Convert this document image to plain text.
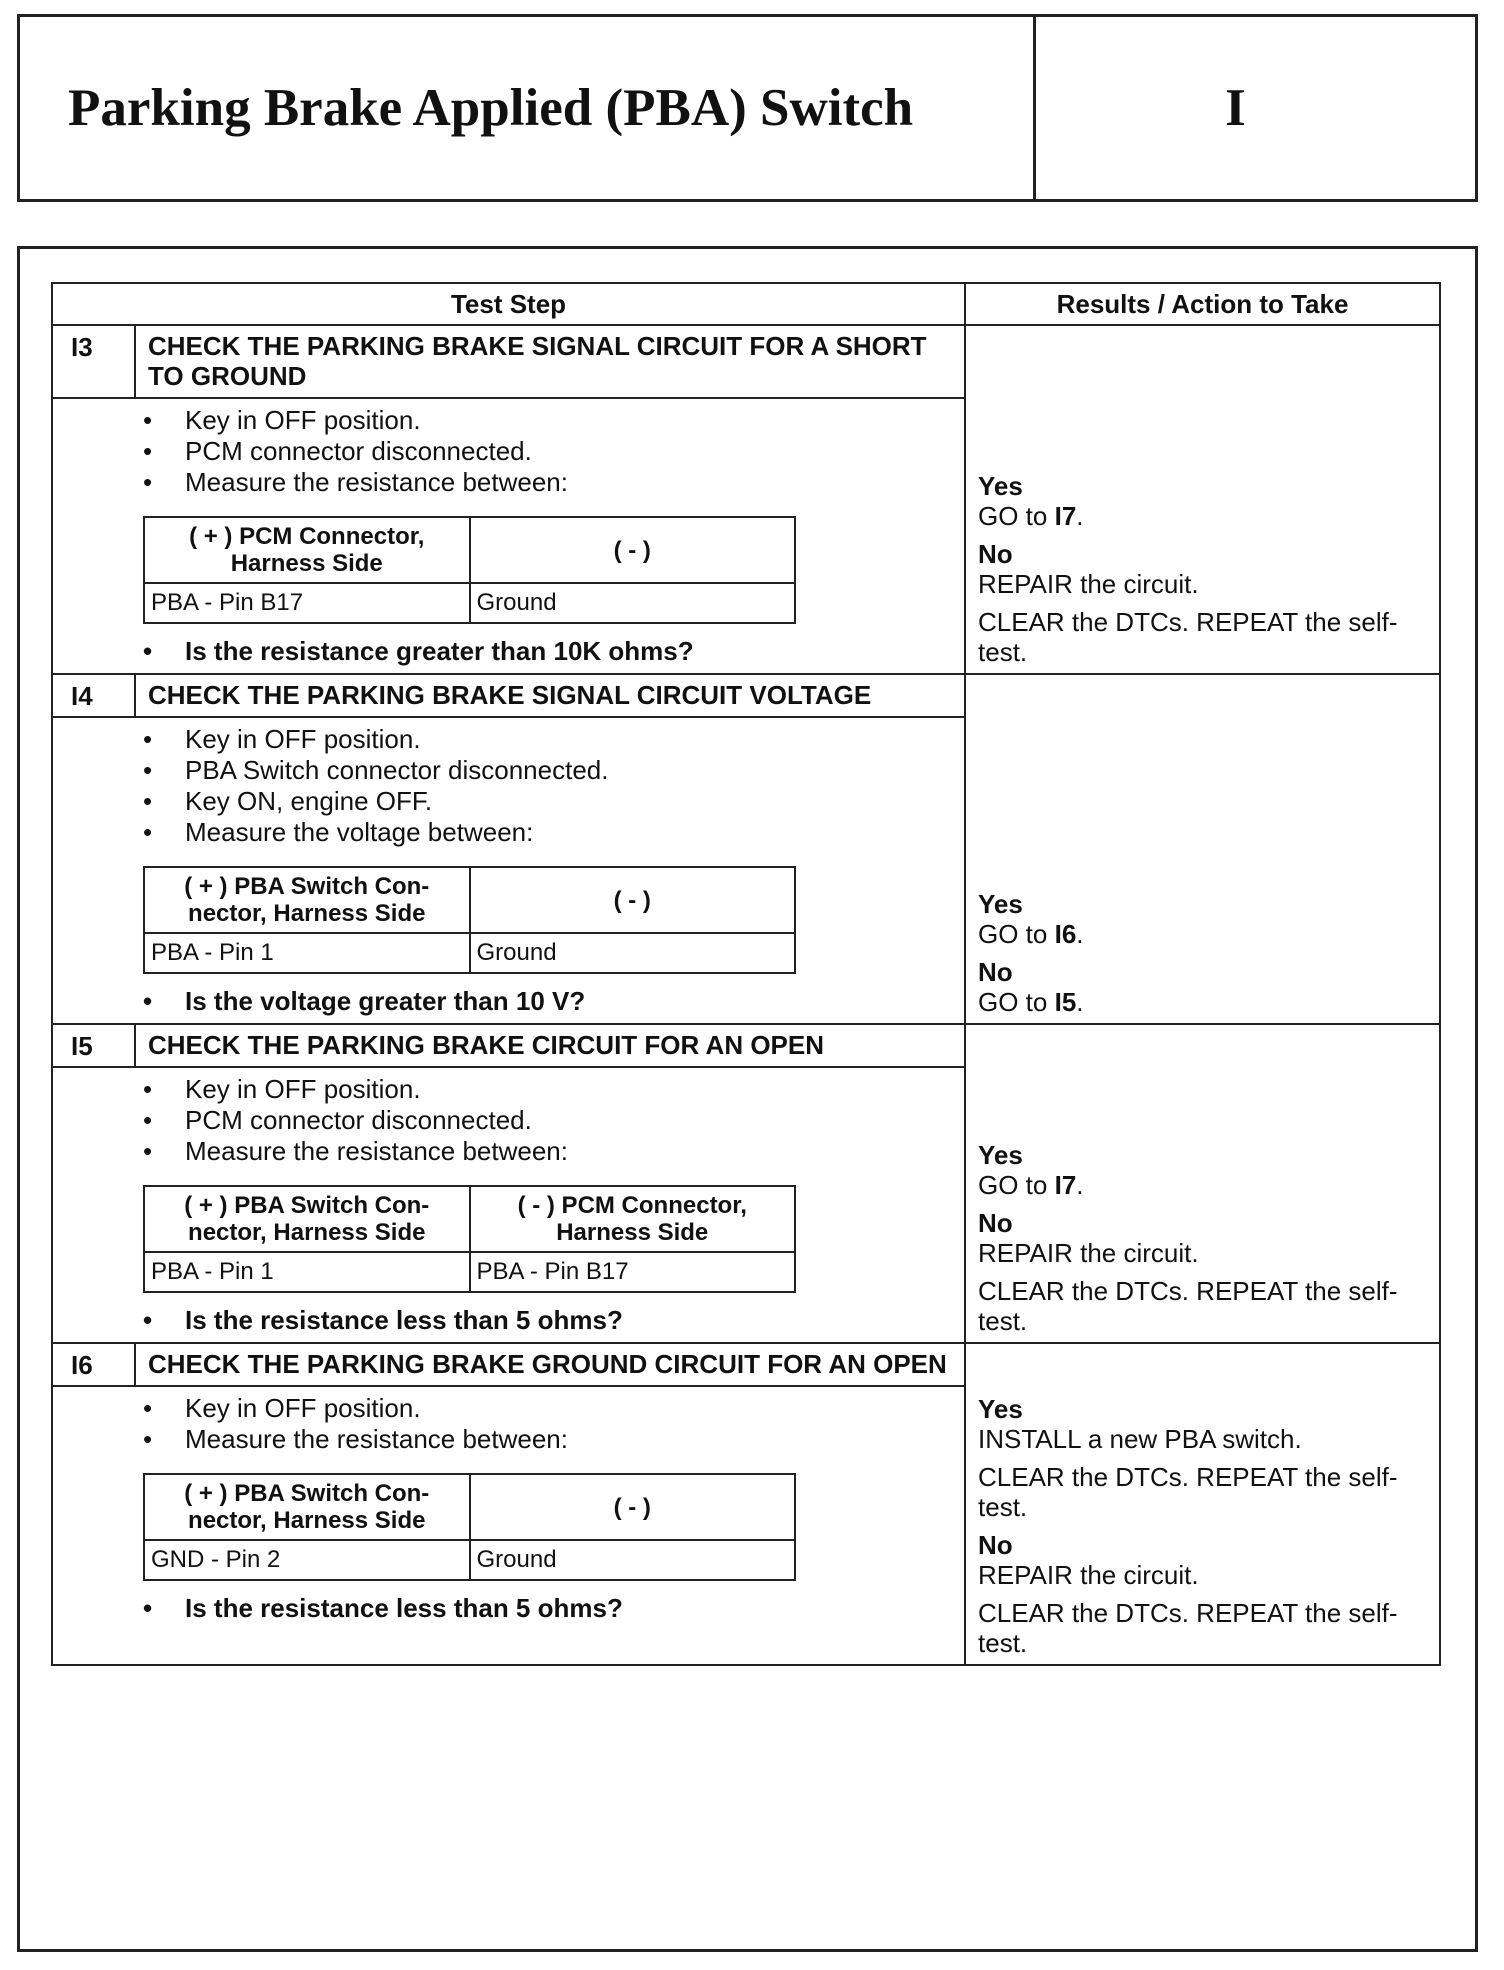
Parking Brake Applied (PBA) Switch	I
Test Step	Results / Action to Take
I3	CHECK THE PARKING BRAKE SIGNAL CIRCUIT FOR A SHORT TO GROUND	
Yes
GO to I7.
No
REPAIR the circuit.
CLEAR the DTCs. REPEAT the self-test.

• Key in OFF position.
• PCM connector disconnected.
• Measure the resistance between:
( + ) PCM Connector, Harness Side	( - )
PBA - Pin B17	Ground
• Is the resistance greater than 10K ohms?

I4	CHECK THE PARKING BRAKE SIGNAL CIRCUIT VOLTAGE	
Yes
GO to I6.
No
GO to I5.

• Key in OFF position.
• PBA Switch connector disconnected.
• Key ON, engine OFF.
• Measure the voltage between:
( + ) PBA Switch Con-nector, Harness Side	( - )
PBA - Pin 1	Ground
• Is the voltage greater than 10 V?

I5	CHECK THE PARKING BRAKE CIRCUIT FOR AN OPEN	
Yes
GO to I7.
No
REPAIR the circuit.
CLEAR the DTCs. REPEAT the self-test.

• Key in OFF position.
• PCM connector disconnected.
• Measure the resistance between:
( + ) PBA Switch Con-nector, Harness Side	( - ) PCM Connector, Harness Side
PBA - Pin 1	PBA - Pin B17
• Is the resistance less than 5 ohms?

I6	CHECK THE PARKING BRAKE GROUND CIRCUIT FOR AN OPEN	
Yes
INSTALL a new PBA switch.
CLEAR the DTCs. REPEAT the self-test.
No
REPAIR the circuit.
CLEAR the DTCs. REPEAT the self-test.

• Key in OFF position.
• Measure the resistance between:
( + ) PBA Switch Con-nector, Harness Side	( - )
GND - Pin 2	Ground
• Is the resistance less than 5 ohms?
